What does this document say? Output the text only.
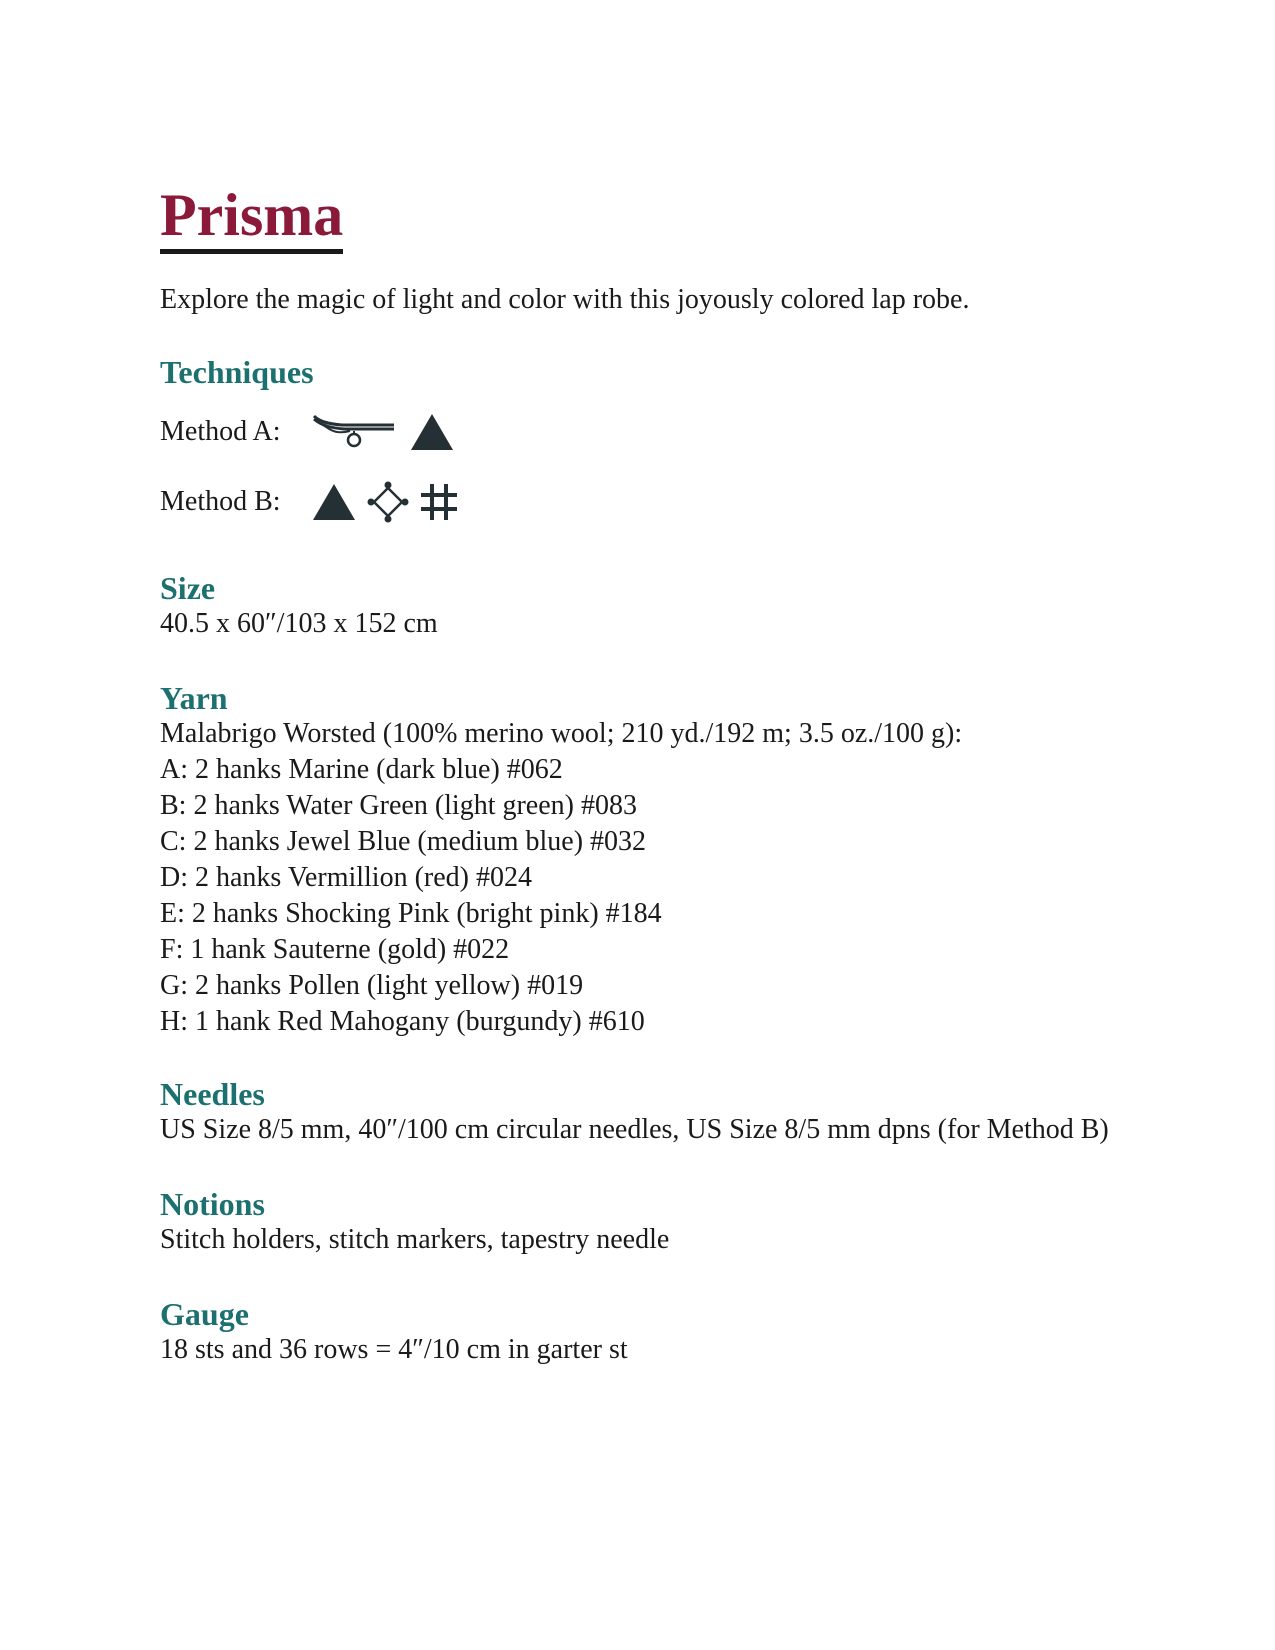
Prisma

Explore the magic of light and color with this joyously colored lap robe.

Techniques
Method A:
Method B:
Size

40.5 x 60″/103 x 152 cm

Yarn

Malabrigo Worsted (100% merino wool; 210 yd./192 m; 3.5 oz./100 g):

A: 2 hanks Marine (dark blue) #062
B: 2 hanks Water Green (light green) #083
C: 2 hanks Jewel Blue (medium blue) #032
D: 2 hanks Vermillion (red) #024
E: 2 hanks Shocking Pink (bright pink) #184
F: 1 hank Sauterne (gold) #022
G: 2 hanks Pollen (light yellow) #019
H: 1 hank Red Mahogany (burgundy) #610
Needles

US Size 8/5 mm, 40″/100 cm circular needles, US Size 8/5 mm dpns (for Method B)

Notions

Stitch holders, stitch markers, tapestry needle

Gauge

18 sts and 36 rows = 4″/10 cm in garter st
